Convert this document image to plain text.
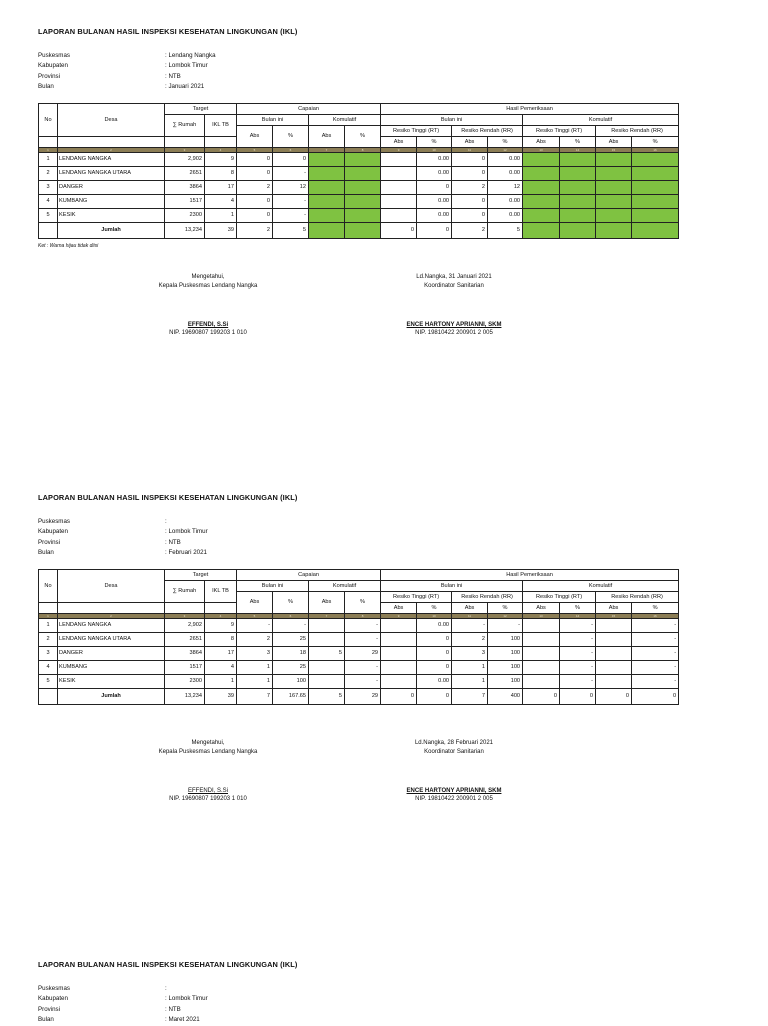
LAPORAN BULANAN HASIL INSPEKSI KESEHATAN LINGKUNGAN (IKL)
Puskesmas	: Lendang Nangka
Kabupaten	: Lombok Timur
Provinsi	: NTB
Bulan	: Januari 2021
No	Desa	Target		Capaian				Hasil Pemeriksaan							
		∑ Rumah	IKL TB	Bulan ini		Komulatif		Bulan ini				Komulatif			
				Abs	%	Abs	%	Resiko Tinggi (RT)		Resiko Rendah (RR)		Resiko Tinggi (RT)		Resiko Rendah (RR)	
								Abs	%	Abs	%	Abs	%	Abs	%
1	2	3	4	5	6	7	8	9	10	11	12	13	14	15	16
1	LENDANG NANGKA	2,902	9	0	0				0.00	0	0.00				
2	LENDANG NANGKA UTARA	2651	8	0	-				0.00	0	0.00				
3	DANGER	3864	17	2	12				0	2	12				
4	KUMBANG	1517	4	0	-				0.00	0	0.00				
5	KESIK	2300	1	0	-				0.00	0	0.00				
	Jumlah	13,234	39	2	5			0	0	2	5				
Ket : Warna hijau tidak diisi
Mengetahui,
Kepala Puskesmas Lendang Nangka
EFFENDI, S.Si
NIP. 19690807 199203 1 010
Ld.Nangka, 31 Januari 2021
Koordinator Sanitarian
ENCE HARTONY APRIANNI, SKM
NIP. 19810422 200901 2 005
LAPORAN BULANAN HASIL INSPEKSI KESEHATAN LINGKUNGAN (IKL)
Puskesmas	:
Kabupaten	: Lombok Timur
Provinsi	: NTB
Bulan	: Februari 2021
No	Desa	Target		Capaian				Hasil Pemeriksaan							
		∑ Rumah	IKL TB	Bulan ini		Komulatif		Bulan ini				Komulatif			
				Abs	%	Abs	%	Resiko Tinggi (RT)		Resiko Rendah (RR)		Resiko Tinggi (RT)		Resiko Rendah (RR)	
								Abs	%	Abs	%	Abs	%	Abs	%
1	2	3	4	5	6	7	8	9	10	11	12	13	14	15	16
1	LENDANG NANGKA	2,902	9	-	-		-		0.00	-	-		-		-
2	LENDANG NANGKA UTARA	2651	8	2	25		-		0	2	100		-		-
3	DANGER	3864	17	3	18	5	29		0	3	100		-		-
4	KUMBANG	1517	4	1	25		-		0	1	100		-		-
5	KESIK	2300	1	1	100		-		0.00	1	100		-		-
	Jumlah	13,234	39	7	167.65	5	29	0	0	7	400	0	0	0	0
Mengetahui,
Kepala Puskesmas Lendang Nangka
EFFENDI, S.Si
NIP. 19690807 199203 1 010
Ld.Nangka, 28 Februari 2021
Koordinator Sanitarian
ENCE HARTONY APRIANNI, SKM
NIP. 19810422 200901 2 005
LAPORAN BULANAN HASIL INSPEKSI KESEHATAN LINGKUNGAN (IKL)
Puskesmas	:
Kabupaten	: Lombok Timur
Provinsi	: NTB
Bulan	: Maret 2021
